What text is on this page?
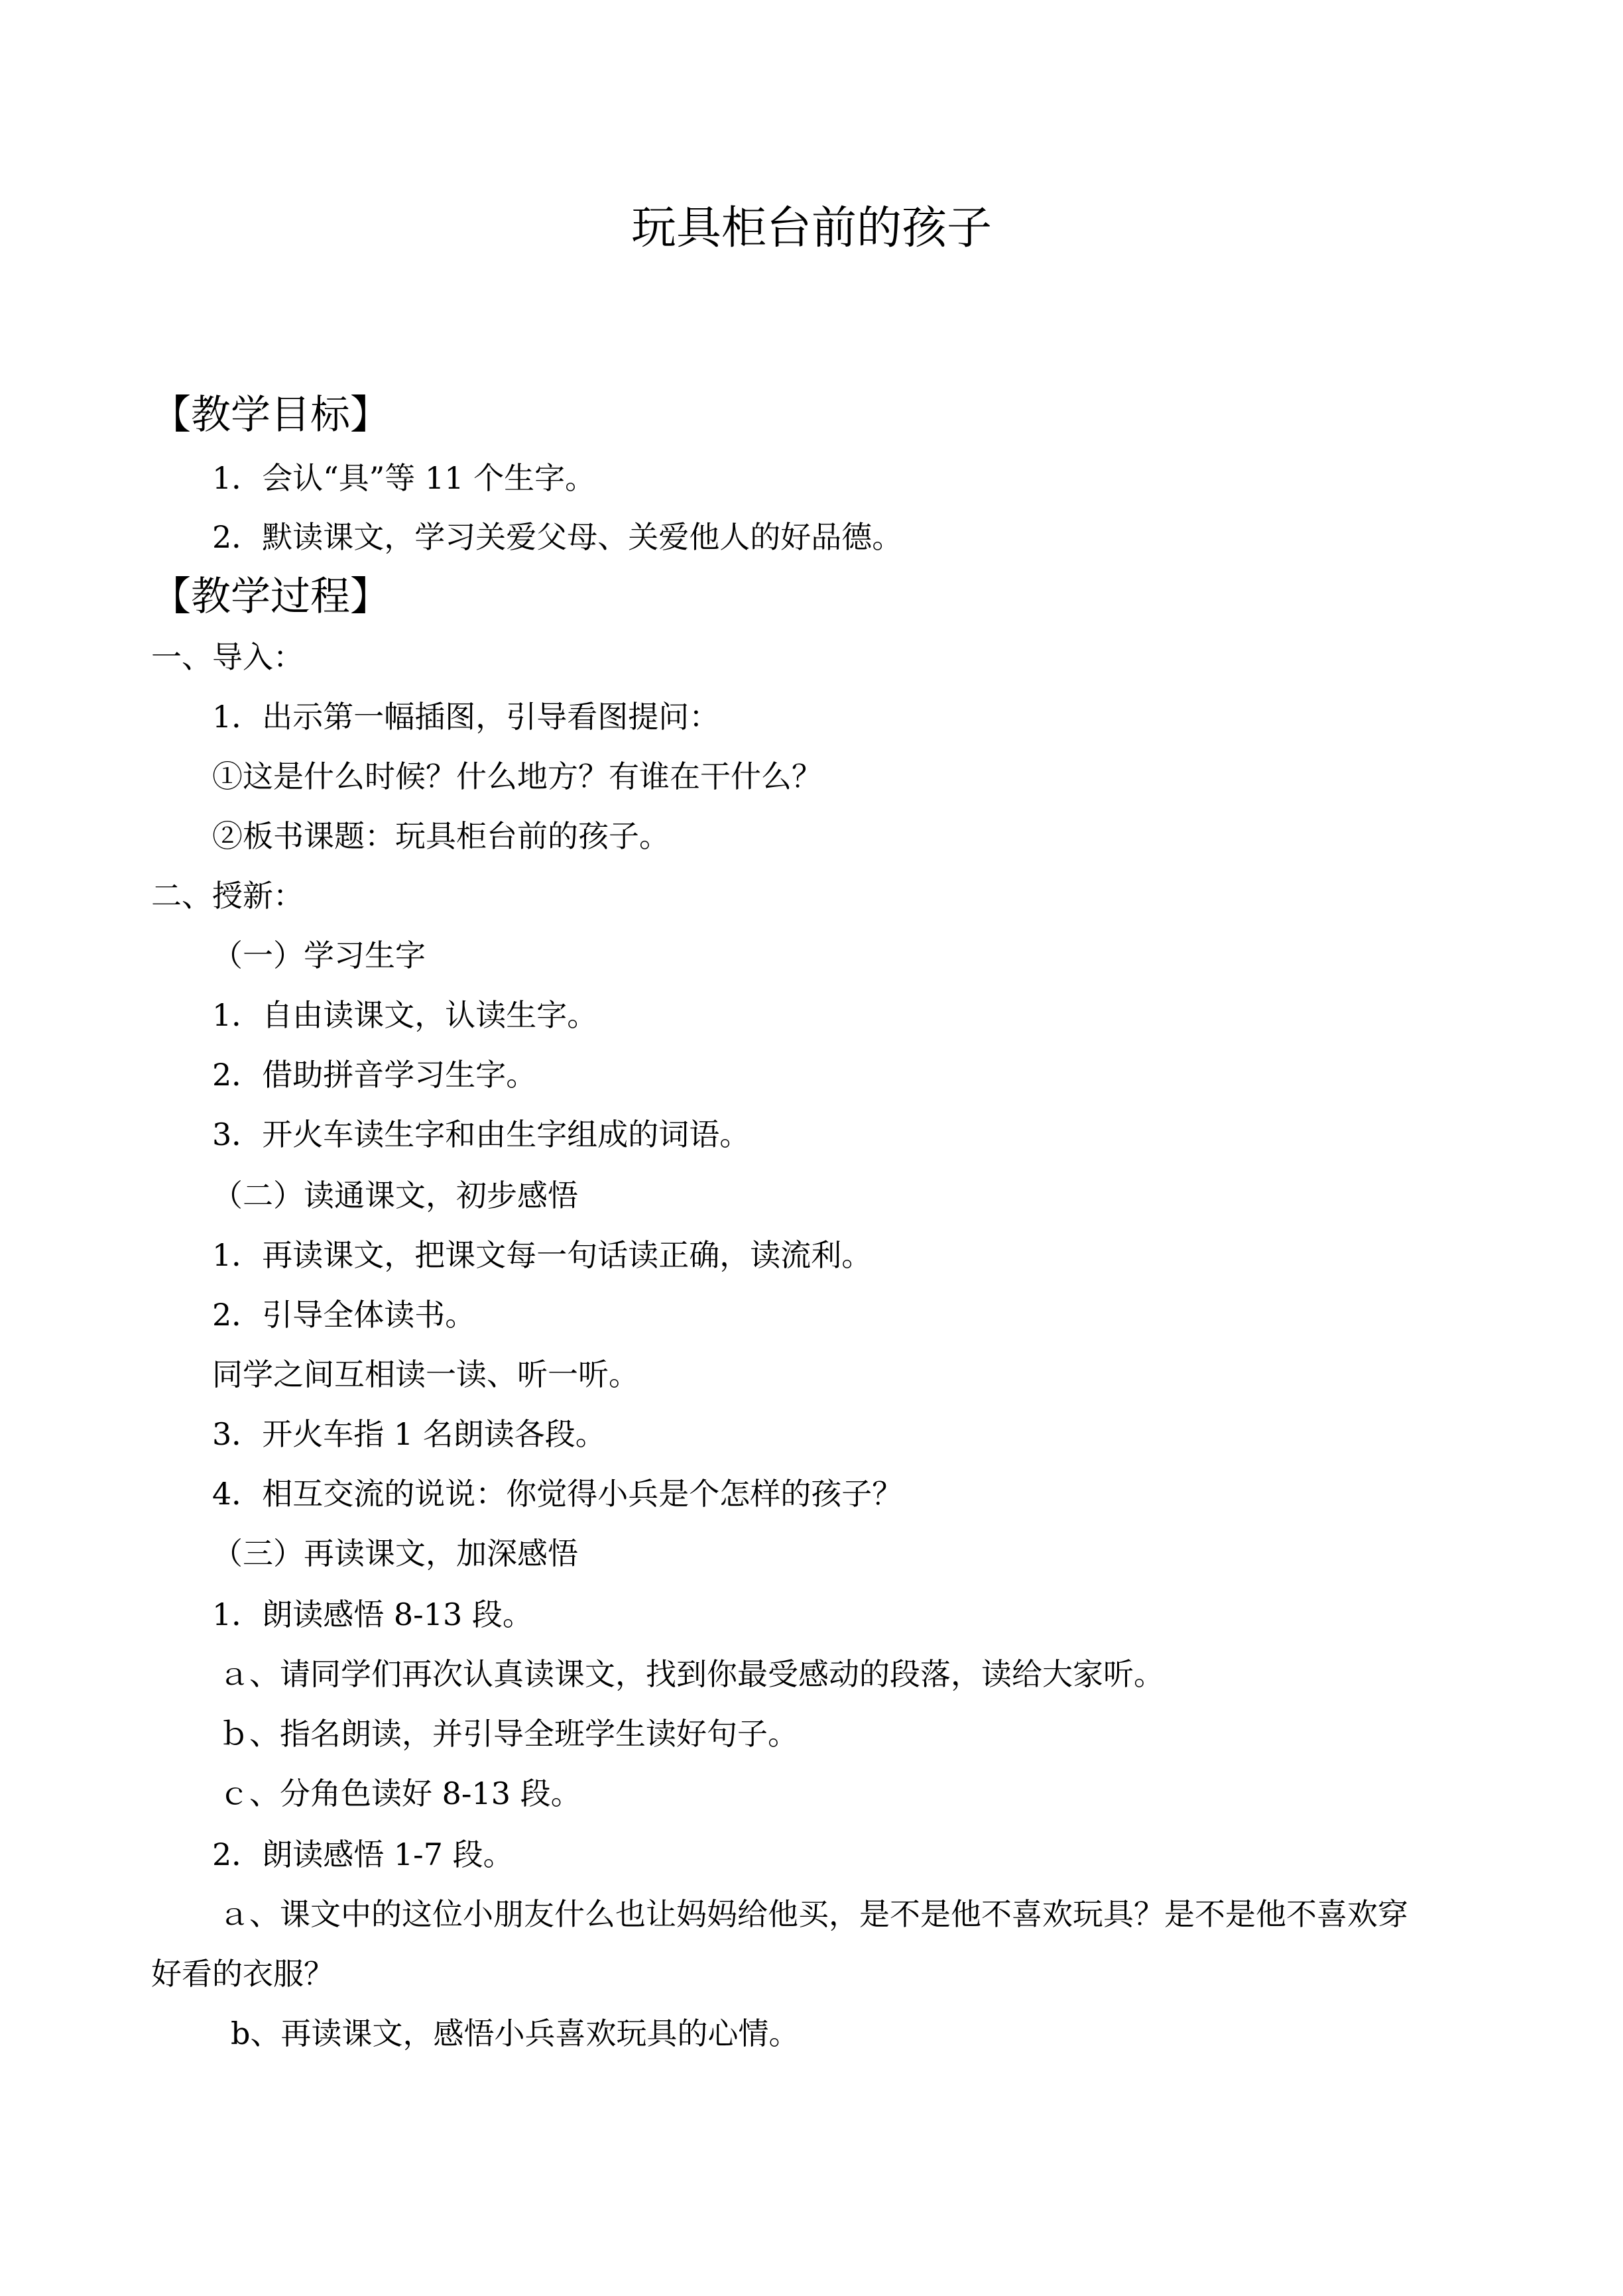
玩具柜台前的孩子
【教学目标】
1．会认“具”等 11 个生字。
2．默读课文，学习关爱父母、关爱他人的好品德。
【教学过程】
一、导入：
1．出示第一幅插图，引导看图提问：
①这是什么时候？什么地方？有谁在干什么？
②板书课题：玩具柜台前的孩子。
二、授新：
（一）学习生字
1．自由读课文，认读生字。
2．借助拼音学习生字。
3．开火车读生字和由生字组成的词语。
（二）读通课文，初步感悟
1．再读课文，把课文每一句话读正确，读流利。
2．引导全体读书。
同学之间互相读一读、听一听。
3．开火车指 1 名朗读各段。
4．相互交流的说说：你觉得小兵是个怎样的孩子？
（三）再读课文，加深感悟
1．朗读感悟 8-13 段。
ａ、请同学们再次认真读课文，找到你最受感动的段落，读给大家听。
ｂ、指名朗读，并引导全班学生读好句子。
ｃ、分角色读好 8-13 段。
2．朗读感悟 1-7 段。
ａ、课文中的这位小朋友什么也让妈妈给他买，是不是他不喜欢玩具？是不是他不喜欢穿
好看的衣服？
b、再读课文，感悟小兵喜欢玩具的心情。
